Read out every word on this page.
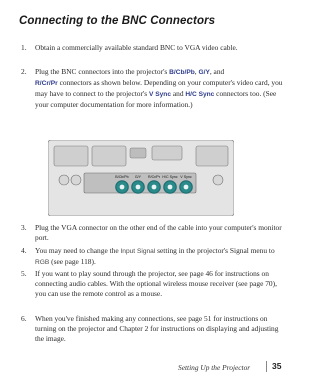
Connecting to the BNC Connectors
1.	Obtain a commercially available standard BNC to VGA video cable.
2.	Plug the BNC connectors into the projector's B/Cb/Pb, G/Y, and
R/Cr/Pr connectors as shown below. Depending on your computer's video card, you may have to connect to the projector's V Sync and H/C Sync connectors too. (See your computer documentation for more information.)
3.	Plug the VGA connector on the other end of the cable into your computer's monitor port.
4.	You may need to change the Input Signal setting in the projector's Signal menu to RGB (see page 118).
5.	If you want to play sound through the projector, see page 46 for instructions on connecting audio cables. With the optional wireless mouse receiver (see page 70), you can use the remote control as a mouse.
6.	When you've finished making any connections, see page 51 for instructions on turning on the projector and Chapter 2 for instructions on displaying and adjusting the image.
B/Cb/Pb G/Y R/Cr/Pr H/C Sync V Sync
Setting Up the Projector	35
